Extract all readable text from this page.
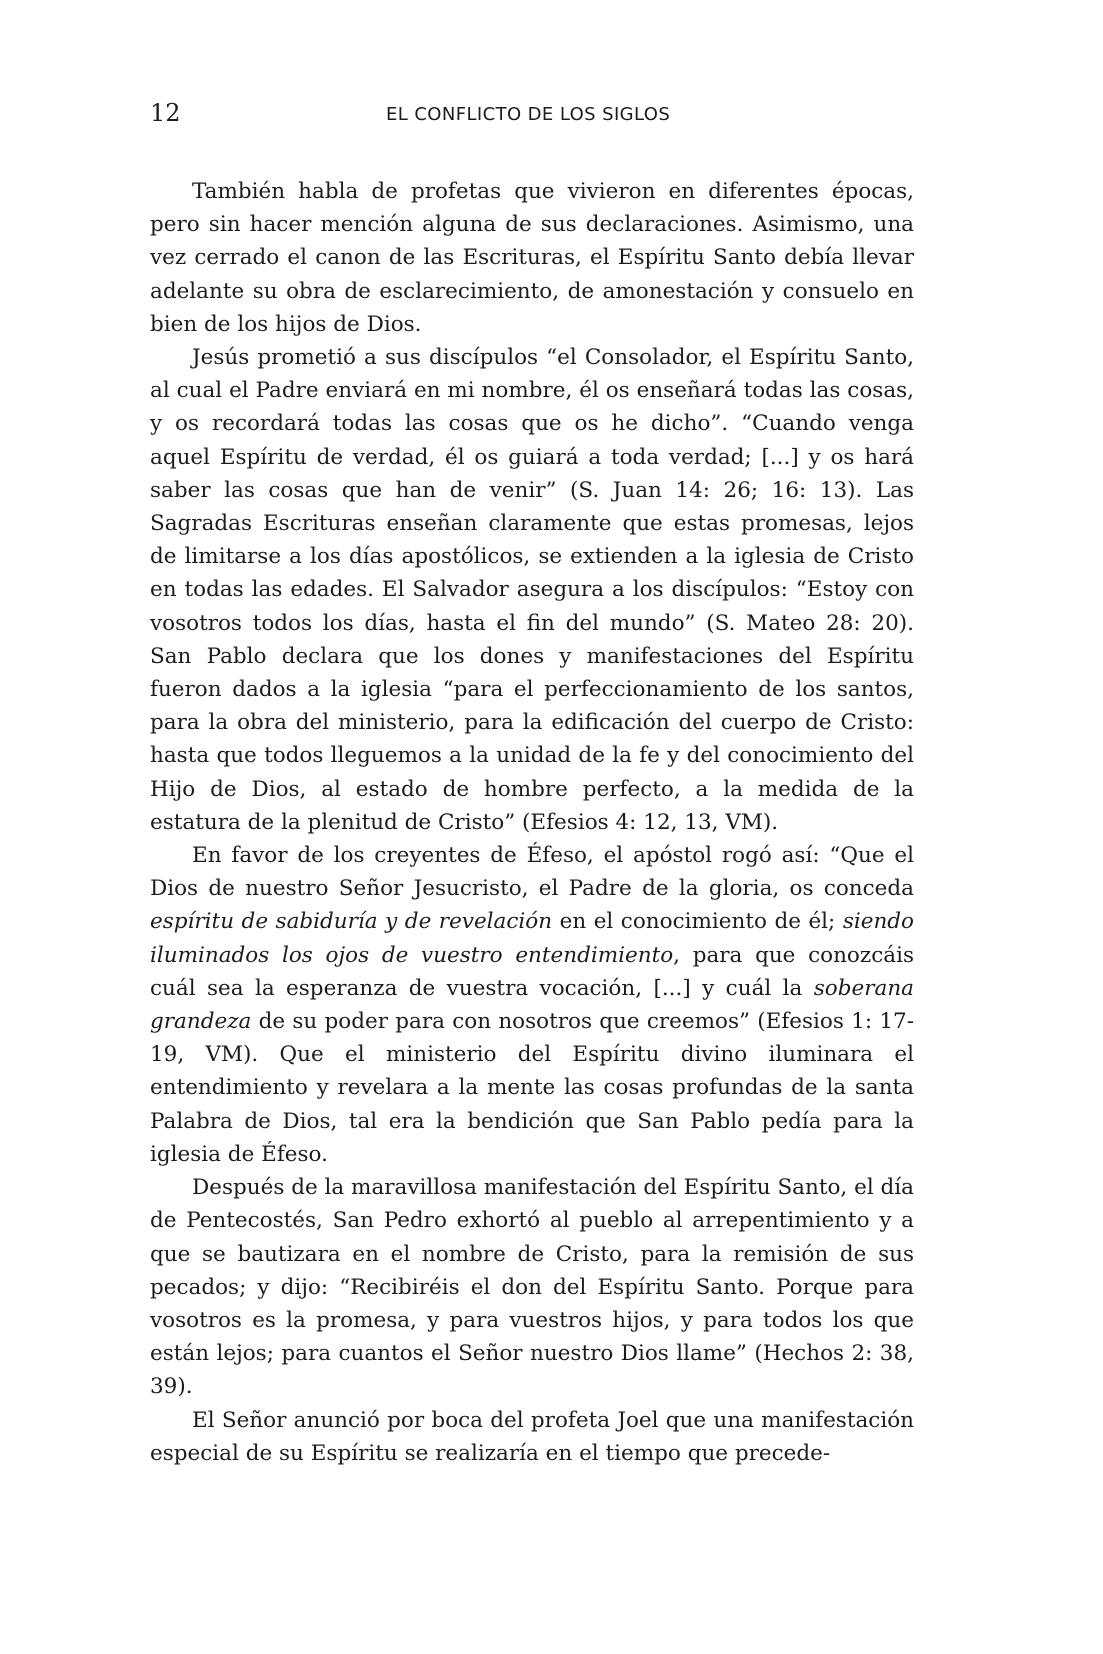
12	EL CONFLICTO DE LOS SIGLOS

También habla de profetas que vivieron en diferentes épocas, pero sin hacer mención alguna de sus declaraciones. Asimismo, una vez cerrado el canon de las Escrituras, el Espíritu Santo debía llevar adelante su obra de esclarecimiento, de amonestación y consuelo en bien de los hijos de Dios.

Jesús prometió a sus discípulos “el Consolador, el Espíritu Santo, al cual el Padre enviará en mi nombre, él os enseñará todas las cosas, y os recordará todas las cosas que os he dicho”. “Cuando venga aquel Espíritu de verdad, él os guiará a toda verdad; [...] y os hará saber las cosas que han de venir” (S. Juan 14: 26; 16: 13). Las Sagradas Escrituras enseñan claramente que estas promesas, lejos de limitarse a los días apostólicos, se extienden a la iglesia de Cristo en todas las edades. El Salvador asegura a los discípulos: “Estoy con vosotros todos los días, hasta el fin del mundo” (S. Mateo 28: 20). San Pablo declara que los dones y manifestaciones del Espíritu fueron dados a la iglesia “para el perfeccionamiento de los santos, para la obra del ministerio, para la edificación del cuerpo de Cristo: hasta que todos lleguemos a la unidad de la fe y del conocimiento del Hijo de Dios, al estado de hombre perfecto, a la medida de la estatura de la plenitud de Cristo” (Efesios 4: 12, 13, VM).

En favor de los creyentes de Éfeso, el apóstol rogó así: “Que el Dios de nuestro Señor Jesucristo, el Padre de la gloria, os conceda espíritu de sabiduría y de revelación en el conocimiento de él; siendo iluminados los ojos de vuestro entendimiento, para que conozcáis cuál sea la esperanza de vuestra vocación, [...] y cuál la soberana grandeza de su poder para con nosotros que creemos” (Efesios 1: 17-19, VM). Que el ministerio del Espíritu divino iluminara el entendimiento y revelara a la mente las cosas profundas de la santa Palabra de Dios, tal era la bendición que San Pablo pedía para la iglesia de Éfeso.

Después de la maravillosa manifestación del Espíritu Santo, el día de Pentecostés, San Pedro exhortó al pueblo al arrepentimiento y a que se bautizara en el nombre de Cristo, para la remisión de sus pecados; y dijo: “Recibiréis el don del Espíritu Santo. Porque para vosotros es la promesa, y para vuestros hijos, y para todos los que están lejos; para cuantos el Señor nuestro Dios llame” (Hechos 2: 38, 39).

El Señor anunció por boca del profeta Joel que una manifestación especial de su Espíritu se realizaría en el tiempo que precede-
